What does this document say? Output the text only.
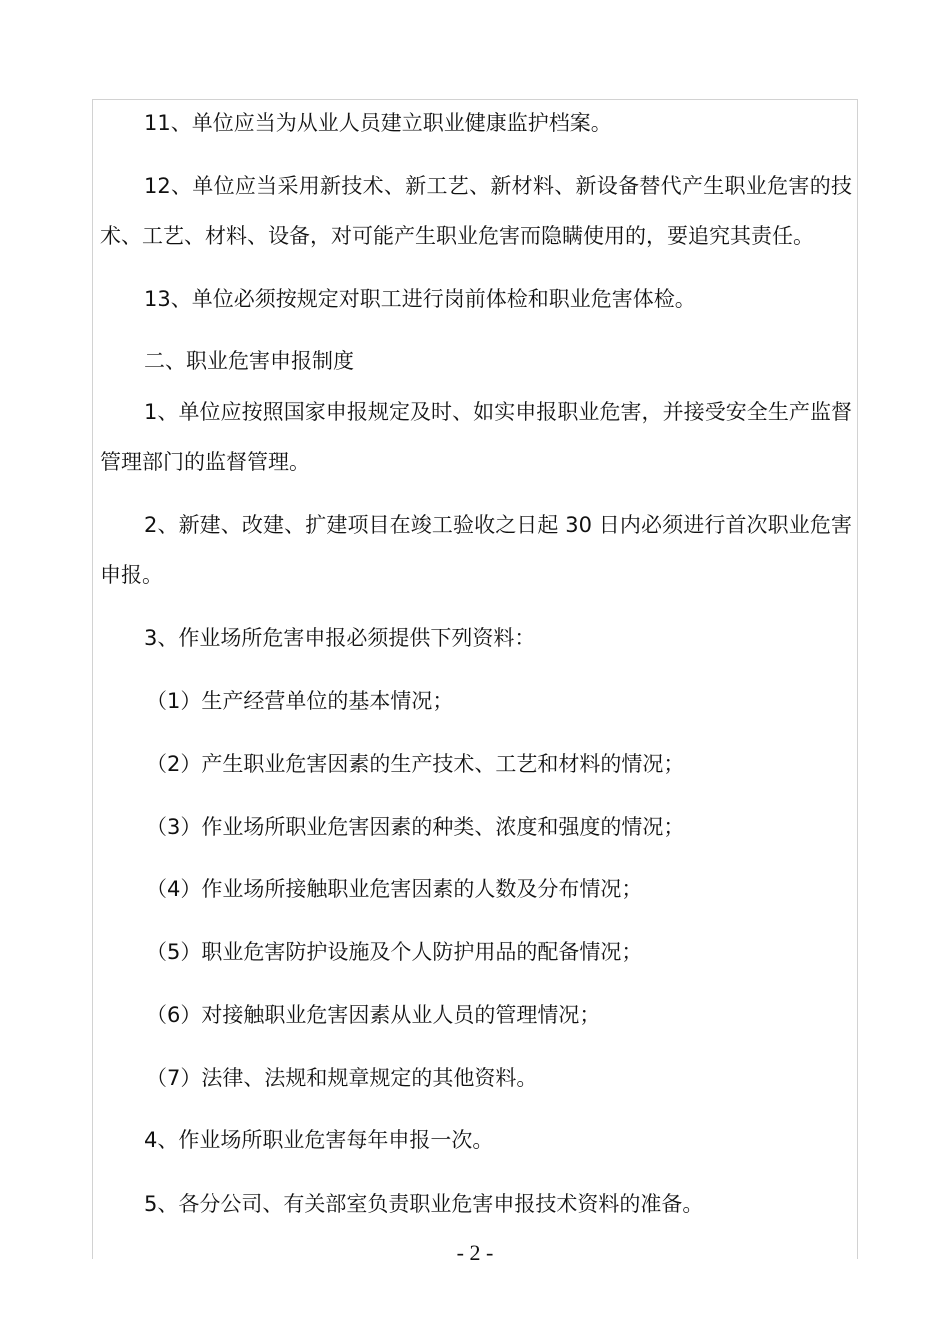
11、单位应当为从业人员建立职业健康监护档案。

12、单位应当采用新技术、新工艺、新材料、新设备替代产生职业危害的技术、工艺、材料、设备，对可能产生职业危害而隐瞒使用的，要追究其责任。

13、单位必须按规定对职工进行岗前体检和职业危害体检。

二、职业危害申报制度

1、单位应按照国家申报规定及时、如实申报职业危害，并接受安全生产监督管理部门的监督管理。

2、新建、改建、扩建项目在竣工验收之日起 30 日内必须进行首次职业危害申报。

3、作业场所危害申报必须提供下列资料：

（1）生产经营单位的基本情况；

（2）产生职业危害因素的生产技术、工艺和材料的情况；

（3）作业场所职业危害因素的种类、浓度和强度的情况；

（4）作业场所接触职业危害因素的人数及分布情况；

（5）职业危害防护设施及个人防护用品的配备情况；

（6）对接触职业危害因素从业人员的管理情况；

（7）法律、法规和规章规定的其他资料。

4、作业场所职业危害每年申报一次。

5、各分公司、有关部室负责职业危害申报技术资料的准备。

- 2 -
